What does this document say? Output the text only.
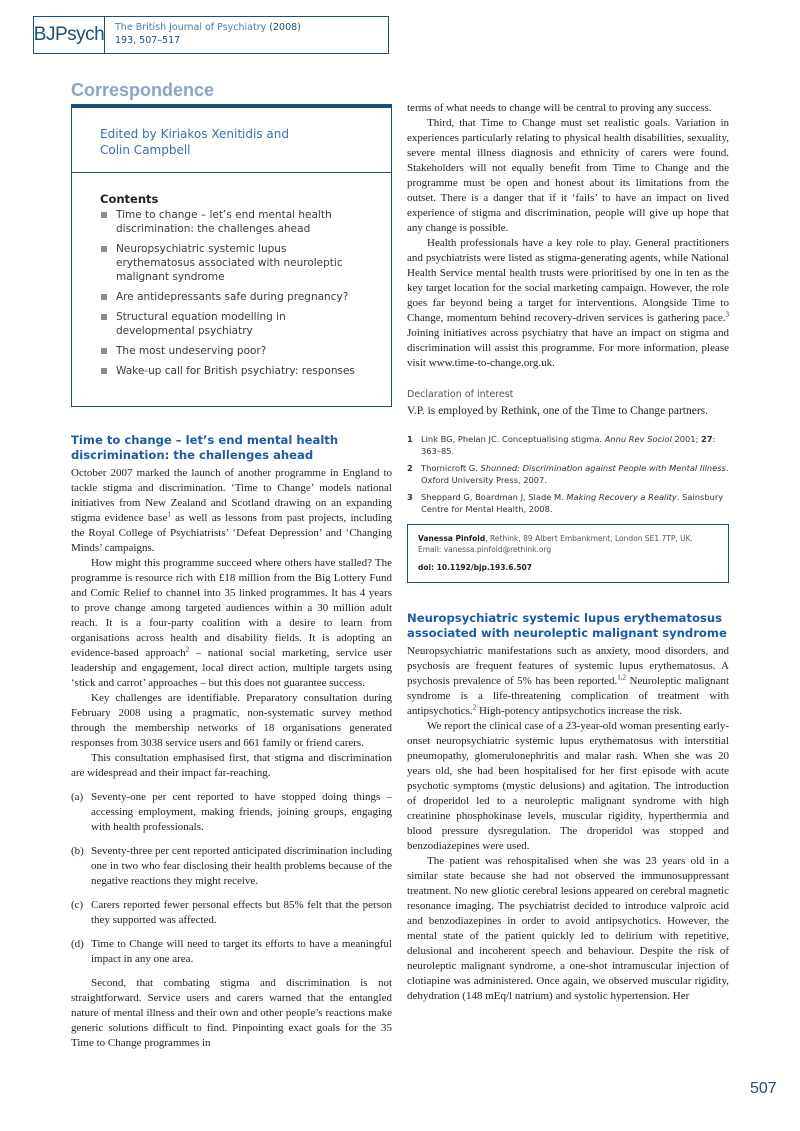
BJ Psych The British Journal of Psychiatry (2008)
193, 507–517
Correspondence
Edited by Kiriakos Xenitidis and
Colin Campbell
Contents
Time to change – let’s end mental health discrimination: the challenges ahead
Neuropsychiatric systemic lupus erythematosus associated with neuroleptic malignant syndrome
Are antidepressants safe during pregnancy?
Structural equation modelling in developmental psychiatry
The most undeserving poor?
Wake-up call for British psychiatry: responses
Time to change – let’s end mental health discrimination: the challenges ahead

October 2007 marked the launch of another programme in England to tackle stigma and discrimination. ‘Time to Change’ models national initiatives from New Zealand and Scotland drawing on an expanding stigma evidence base$^1$ as well as lessons from past projects, including the Royal College of Psychiatrists’ ‘Defeat Depression’ and ‘Changing Minds’ campaigns.

How might this programme succeed where others have stalled? The programme is resource rich with £18 million from the Big Lottery Fund and Comic Relief to channel into 35 linked programmes. It has 4 years to prove change among targeted audiences within a 30 million adult reach. It is a four-party coalition with a desire to learn from organisations across health and disability fields. It is adopting an evidence-based approach$^2$ – national social marketing, service user leadership and engagement, local direct action, multiple targets using ‘stick and carrot’ approaches – but this does not guarantee success.

Key challenges are identifiable. Preparatory consultation during February 2008 using a pragmatic, non-systematic survey method through the membership networks of 18 organisations generated responses from 3038 service users and 661 family or friend carers.

This consultation emphasised first, that stigma and discrimination are widespread and their impact far-reaching.

(a) Seventy-one per cent reported to have stopped doing things – accessing employment, making friends, joining groups, engaging with health professionals.
(b) Seventy-three per cent reported anticipated discrimination including one in two who fear disclosing their health problems because of the negative reactions they might receive.
(c) Carers reported fewer personal effects but 85% felt that the person they supported was affected.
(d) Time to Change will need to target its efforts to have a meaningful impact in any one area.

Second, that combating stigma and discrimination is not straightforward. Service users and carers warned that the entangled nature of mental illness and their own and other people’s reactions make generic solutions difficult to find. Pinpointing exact goals for the 35 Time to Change programmes in

terms of what needs to change will be central to proving any success.

Third, that Time to Change must set realistic goals. Variation in experiences particularly relating to physical health disabilities, sexuality, severe mental illness diagnosis and ethnicity of carers were found. Stakeholders will not equally benefit from Time to Change and the programme must be open and honest about its limitations from the outset. There is a danger that if it ‘fails’ to have an impact on lived experience of stigma and discrimination, people will give up hope that any change is possible.

Health professionals have a key role to play. General practitioners and psychiatrists were listed as stigma-generating agents, while National Health Service mental health trusts were prioritised by one in ten as the key target location for the social marketing campaign. However, the role goes far beyond being a target for interventions. Alongside Time to Change, momentum behind recovery-driven services is gathering pace.$^3$ Joining initiatives across psychiatry that have an impact on stigma and discrimination will assist this programme. For more information, please visit www.time-to-change.org.uk.

Declaration of interest
V.P. is employed by Rethink, one of the Time to Change partners.
1 Link BG, Phelan JC. Conceptualising stigma. Annu Rev Sociol 2001; 27: 363–85.
2 Thornicroft G. Shunned: Discrimination against People with Mental Illness. Oxford University Press, 2007.
3 Sheppard G, Boardman J, Slade M. Making Recovery a Reality. Sainsbury Centre for Mental Health, 2008.
Vanessa Pinfold, Rethink, 89 Albert Embankment, London SE1 7TP, UK.
Email: vanessa.pinfold@rethink.org
doi: 10.1192/bjp.193.6.507
Neuropsychiatric systemic lupus erythematosus associated with neuroleptic malignant syndrome

Neuropsychiatric manifestations such as anxiety, mood disorders, and psychosis are frequent features of systemic lupus erythematosus. A psychosis prevalence of 5% has been reported.$^{1,2}$ Neuroleptic malignant syndrome is a life-threatening complication of treatment with antipsychotics.$^2$ High-potency antipsychotics increase the risk.

We report the clinical case of a 23-year-old woman presenting early-onset neuropsychiatric systemic lupus erythematosus with interstitial pneumopathy, glomerulonephritis and malar rash. When she was 20 years old, she had been hospitalised for her first episode with acute psychotic symptoms (mystic delusions) and agitation. The introduction of droperidol led to a neuroleptic malignant syndrome with high creatinine phosphokinase levels, muscular rigidity, hyperthermia and blood pressure dysregulation. The droperidol was stopped and benzodiazepines were used.

The patient was rehospitalised when she was 23 years old in a similar state because she had not observed the immunosuppressant treatment. No new gliotic cerebral lesions appeared on cerebral magnetic resonance imaging. The psychiatrist decided to introduce valproic acid and benzodiazepines in order to avoid antipsychotics. However, the mental state of the patient quickly led to delirium with repetitive, delusional and incoherent speech and behaviour. Despite the risk of neuroleptic malignant syndrome, a one-shot intramuscular injection of clotiapine was administered. Once again, we observed muscular rigidity, dehydration (148 mEq/l natrium) and systolic hypertension. Her

507
